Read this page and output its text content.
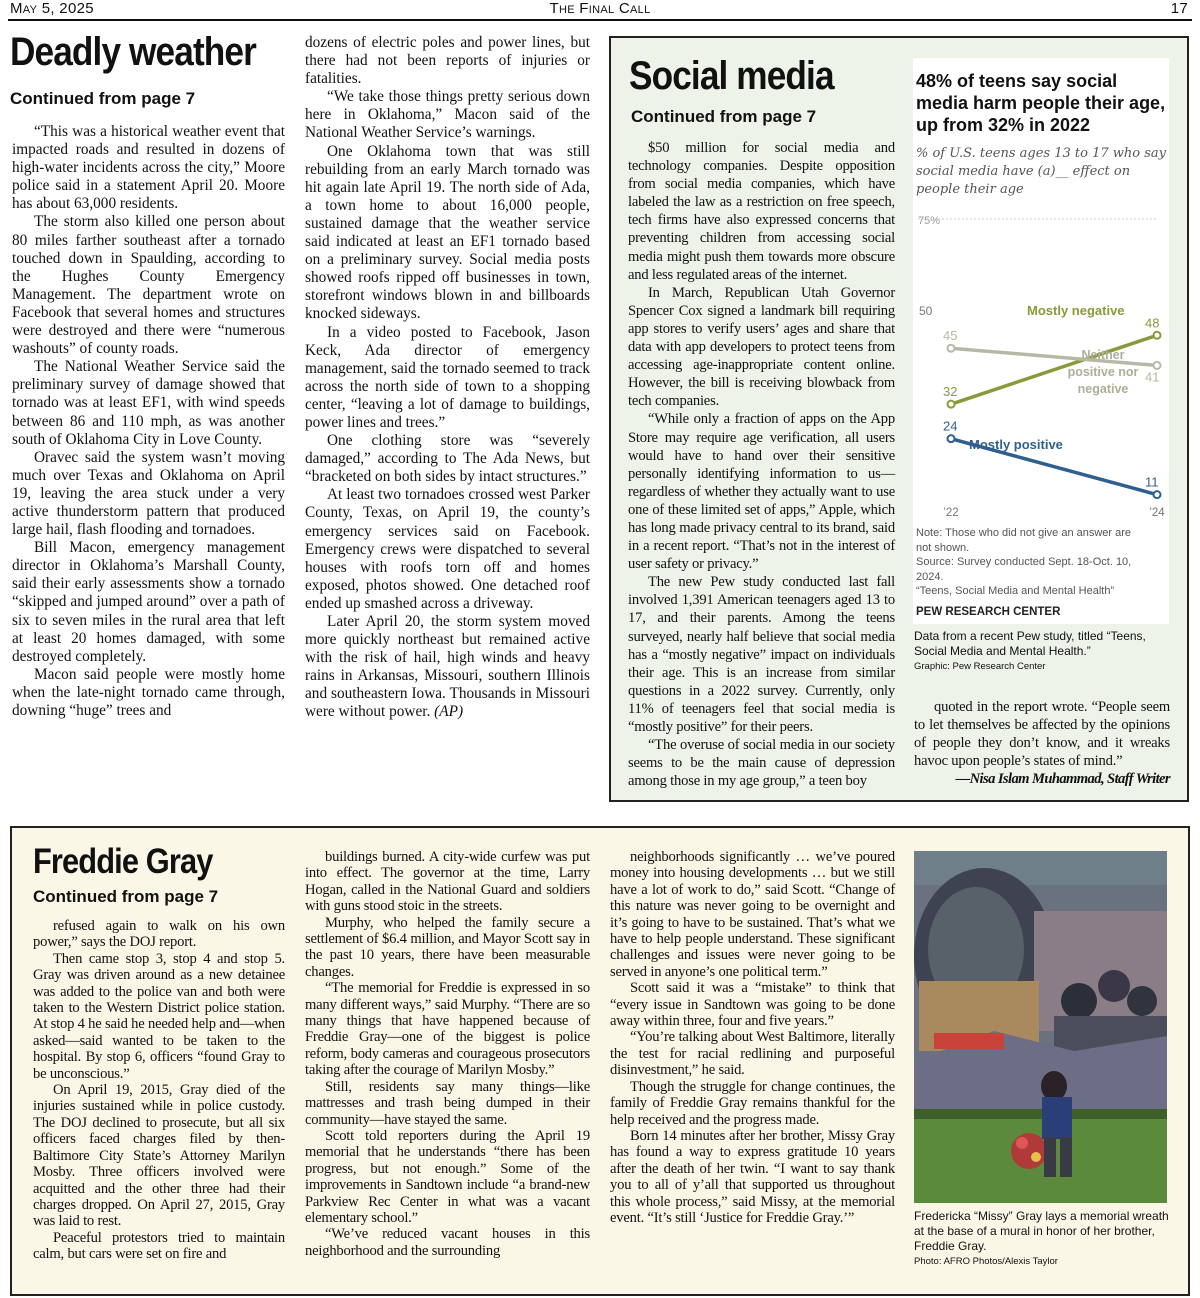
May 5, 2025	The Final Call	17
Deadly weather
Continued from page 7

“This was a historical weather event that impacted roads and resulted in dozens of high-water incidents across the city,” Moore police said in a statement April 20. Moore has about 63,000 residents.

The storm also killed one person about 80 miles farther southeast after a tornado touched down in Spaulding, according to the Hughes County Emergency Management. The department wrote on Facebook that several homes and structures were destroyed and there were “numerous washouts” of county roads.

The National Weather Service said the preliminary survey of damage showed that tornado was at least EF1, with wind speeds between 86 and 110 mph, as was another south of Oklahoma City in Love County.

Oravec said the system wasn’t moving much over Texas and Oklahoma on April 19, leaving the area stuck under a very active thunderstorm pattern that produced large hail, flash flooding and tornadoes.

Bill Macon, emergency management director in Oklahoma’s Marshall County, said their early assessments show a tornado “skipped and jumped around” over a path of six to seven miles in the rural area that left at least 20 homes damaged, with some destroyed completely.

Macon said people were mostly home when the late-night tornado came through, downing “huge” trees and

dozens of electric poles and power lines, but there had not been reports of injuries or fatalities.

“We take those things pretty serious down here in Oklahoma,” Macon said of the National Weather Service’s warnings.

One Oklahoma town that was still rebuilding from an early March tornado was hit again late April 19. The north side of Ada, a town home to about 16,000 people, sustained damage that the weather service said indicated at least an EF1 tornado based on a preliminary survey. Social media posts showed roofs ripped off businesses in town, storefront windows blown in and billboards knocked sideways.

In a video posted to Facebook, Jason Keck, Ada director of emergency management, said the tornado seemed to track across the north side of town to a shopping center, “leaving a lot of damage to buildings, power lines and trees.”

One clothing store was “severely damaged,” according to The Ada News, but “bracketed on both sides by intact structures.”

At least two tornadoes crossed west Parker County, Texas, on April 19, the county’s emergency services said on Facebook. Emergency crews were dispatched to several houses with roofs torn off and homes exposed, photos showed. One detached roof ended up smashed across a driveway.

Later April 20, the storm system moved more quickly northeast but remained active with the risk of hail, high winds and heavy rains in Arkansas, Missouri, southern Illinois and southeastern Iowa. Thousands in Missouri were without power. (AP)

Social media
Continued from page 7

$50 million for social media and technology companies. Despite opposition from social media companies, which have labeled the law as a restriction on free speech, tech firms have also expressed concerns that preventing children from accessing social media might push them towards more obscure and less regulated areas of the internet.

In March, Republican Utah Governor Spencer Cox signed a landmark bill requiring app stores to verify users’ ages and share that data with app developers to protect teens from accessing age-inappropriate content online. However, the bill is receiving blowback from tech companies.

“While only a fraction of apps on the App Store may require age verification, all users would have to hand over their sensitive personally identifying information to us—regardless of whether they actually want to use one of these limited set of apps,” Apple, which has long made privacy central to its brand, said in a recent report. “That’s not in the interest of user safety or privacy.”

The new Pew study conducted last fall involved 1,391 American teenagers aged 13 to 17, and their parents. Among the teens surveyed, nearly half believe that social media has a “mostly negative” impact on individuals their age. This is an increase from similar questions in a 2022 survey. Currently, only 11% of teenagers feel that social media is “mostly positive” for their peers.

“The overuse of social media in our society seems to be the main cause of depression among those in my age group,” a teen boy

48% of teens say social media harm people their age, up from 32% in 2022
% of U.S. teens ages 13 to 17 who say social media have (a)__ effect on people their age
75%
50
32
48
45
41
24
11
Mostly negative
Neither
positive nor
negative
Mostly positive
’22	’24
Note: Those who did not give an answer are
not shown.
Source: Survey conducted Sept. 18-Oct. 10,
2024.
“Teens, Social Media and Mental Health”
PEW RESEARCH CENTER
Data from a recent Pew study, titled “Teens, Social Media and Mental Health.”
Graphic: Pew Research Center

quoted in the report wrote. “People seem to let themselves be affected by the opinions of people they don’t know, and it wreaks havoc upon people’s states of mind.”

—Nisa Islam Muhammad, Staff Writer

Freddie Gray
Continued from page 7

refused again to walk on his own power,” says the DOJ report.

Then came stop 3, stop 4 and stop 5. Gray was driven around as a new detainee was added to the police van and both were taken to the Western District police station. At stop 4 he said he needed help and—when asked—said wanted to be taken to the hospital. By stop 6, officers “found Gray to be unconscious.”

On April 19, 2015, Gray died of the injuries sustained while in police custody. The DOJ declined to prosecute, but all six officers faced charges filed by then-Baltimore City State’s Attorney Marilyn Mosby. Three officers involved were acquitted and the other three had their charges dropped. On April 27, 2015, Gray was laid to rest.

Peaceful protestors tried to maintain calm, but cars were set on fire and

buildings burned. A city-wide curfew was put into effect. The governor at the time, Larry Hogan, called in the National Guard and soldiers with guns stood stoic in the streets.

Murphy, who helped the family secure a settlement of $6.4 million, and Mayor Scott say in the past 10 years, there have been measurable changes.

“The memorial for Freddie is expressed in so many different ways,” said Murphy. “There are so many things that have happened because of Freddie Gray—one of the biggest is police reform, body cameras and courageous prosecutors taking after the courage of Marilyn Mosby.”

Still, residents say many things—like mattresses and trash being dumped in their community—have stayed the same.

Scott told reporters during the April 19 memorial that he understands “there has been progress, but not enough.” Some of the improvements in Sandtown include “a brand-new Parkview Rec Center in what was a vacant elementary school.”

“We’ve reduced vacant houses in this neighborhood and the surrounding

neighborhoods significantly … we’ve poured money into housing developments … but we still have a lot of work to do,” said Scott. “Change of this nature was never going to be overnight and it’s going to have to be sustained. That’s what we have to help people understand. These significant challenges and issues were never going to be served in anyone’s one political term.”

Scott said it was a “mistake” to think that “every issue in Sandtown was going to be done away within three, four and five years.”

“You’re talking about West Baltimore, literally the test for racial redlining and purposeful disinvestment,” he said.

Though the struggle for change continues, the family of Freddie Gray remains thankful for the help received and the progress made.

Born 14 minutes after her brother, Missy Gray has found a way to express gratitude 10 years after the death of her twin. “I want to say thank you to all of y’all that supported us throughout this whole process,” said Missy, at the memorial event. “It’s still ‘Justice for Freddie Gray.’”	Fredericka “Missy” Gray lays a memorial wreath at the base of a mural in honor of her brother, Freddie Gray.
Photo: AFRO Photos/Alexis Taylor
